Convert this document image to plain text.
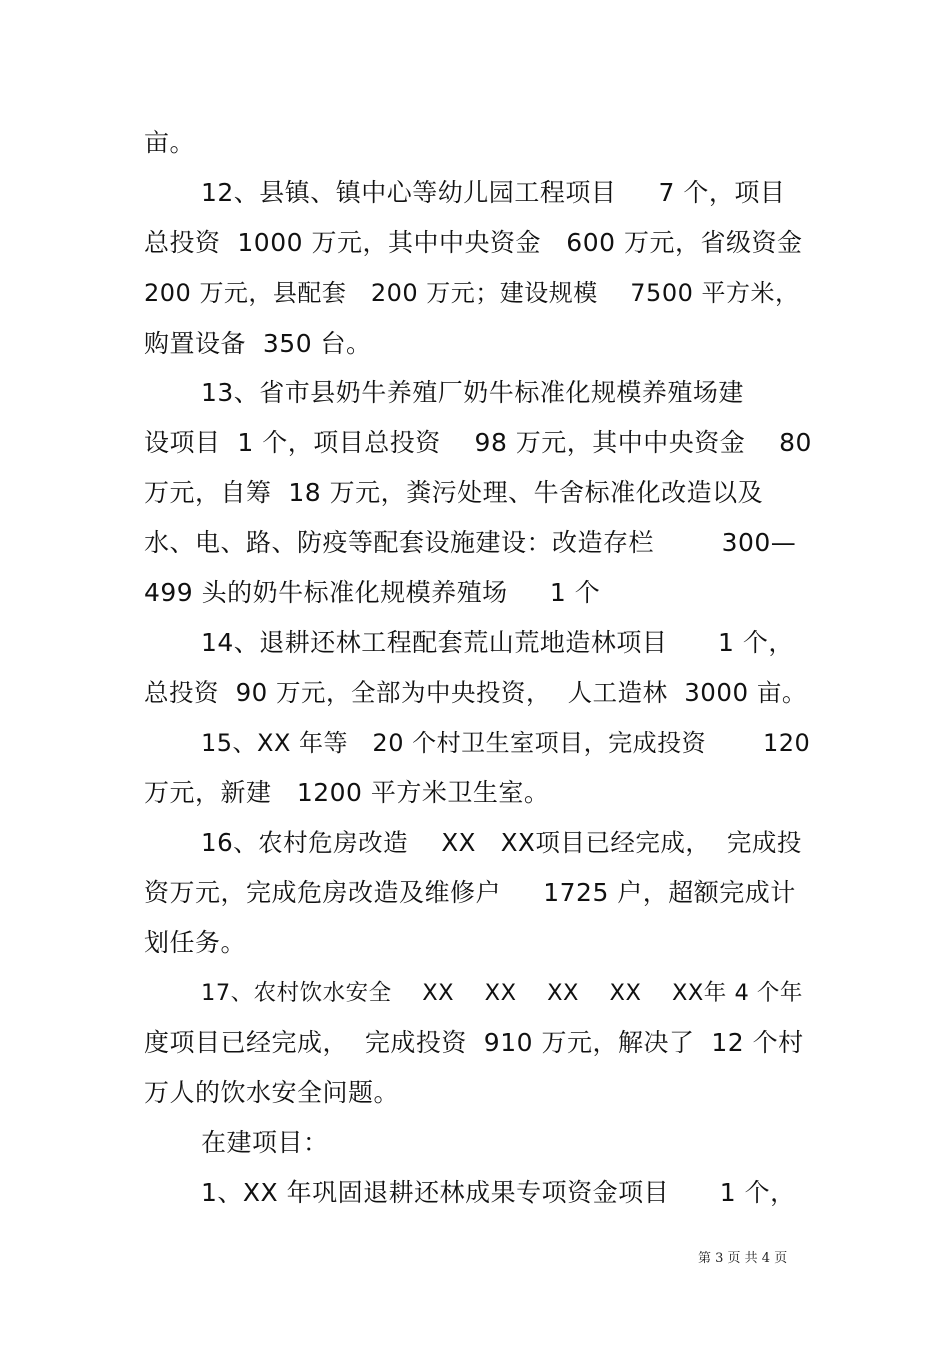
亩。
12、县镇、镇中心等幼儿园工程项目     7 个，项目
总投资  1000 万元，其中中央资金   600 万元，省级资金
200 万元，县配套   200 万元；建设规模    7500 平方米，
购置设备  350 台。
13、省市县奶牛养殖厂奶牛标准化规模养殖场建
设项目  1 个，项目总投资    98 万元，其中中央资金    80
万元，自筹  18 万元，粪污处理、牛舍标准化改造以及
水、电、路、防疫等配套设施建设：改造存栏        300—
499 头的奶牛标准化规模养殖场     1 个
14、退耕还林工程配套荒山荒地造林项目      1 个，
总投资  90 万元，全部为中央投资，  人工造林  3000 亩。
15、XX 年等   20 个村卫生室项目，完成投资       120
万元，新建   1200 平方米卫生室。
16、农村危房改造    XX   XX项目已经完成，  完成投
资万元，完成危房改造及维修户     1725 户，超额完成计
划任务。
17、农村饮水安全    XX    XX    XX    XX    XX年 4 个年
度项目已经完成，  完成投资  910 万元，解决了  12 个村
万人的饮水安全问题。
在建项目：
1、XX 年巩固退耕还林成果专项资金项目      1 个，
第 3 页 共 4 页
